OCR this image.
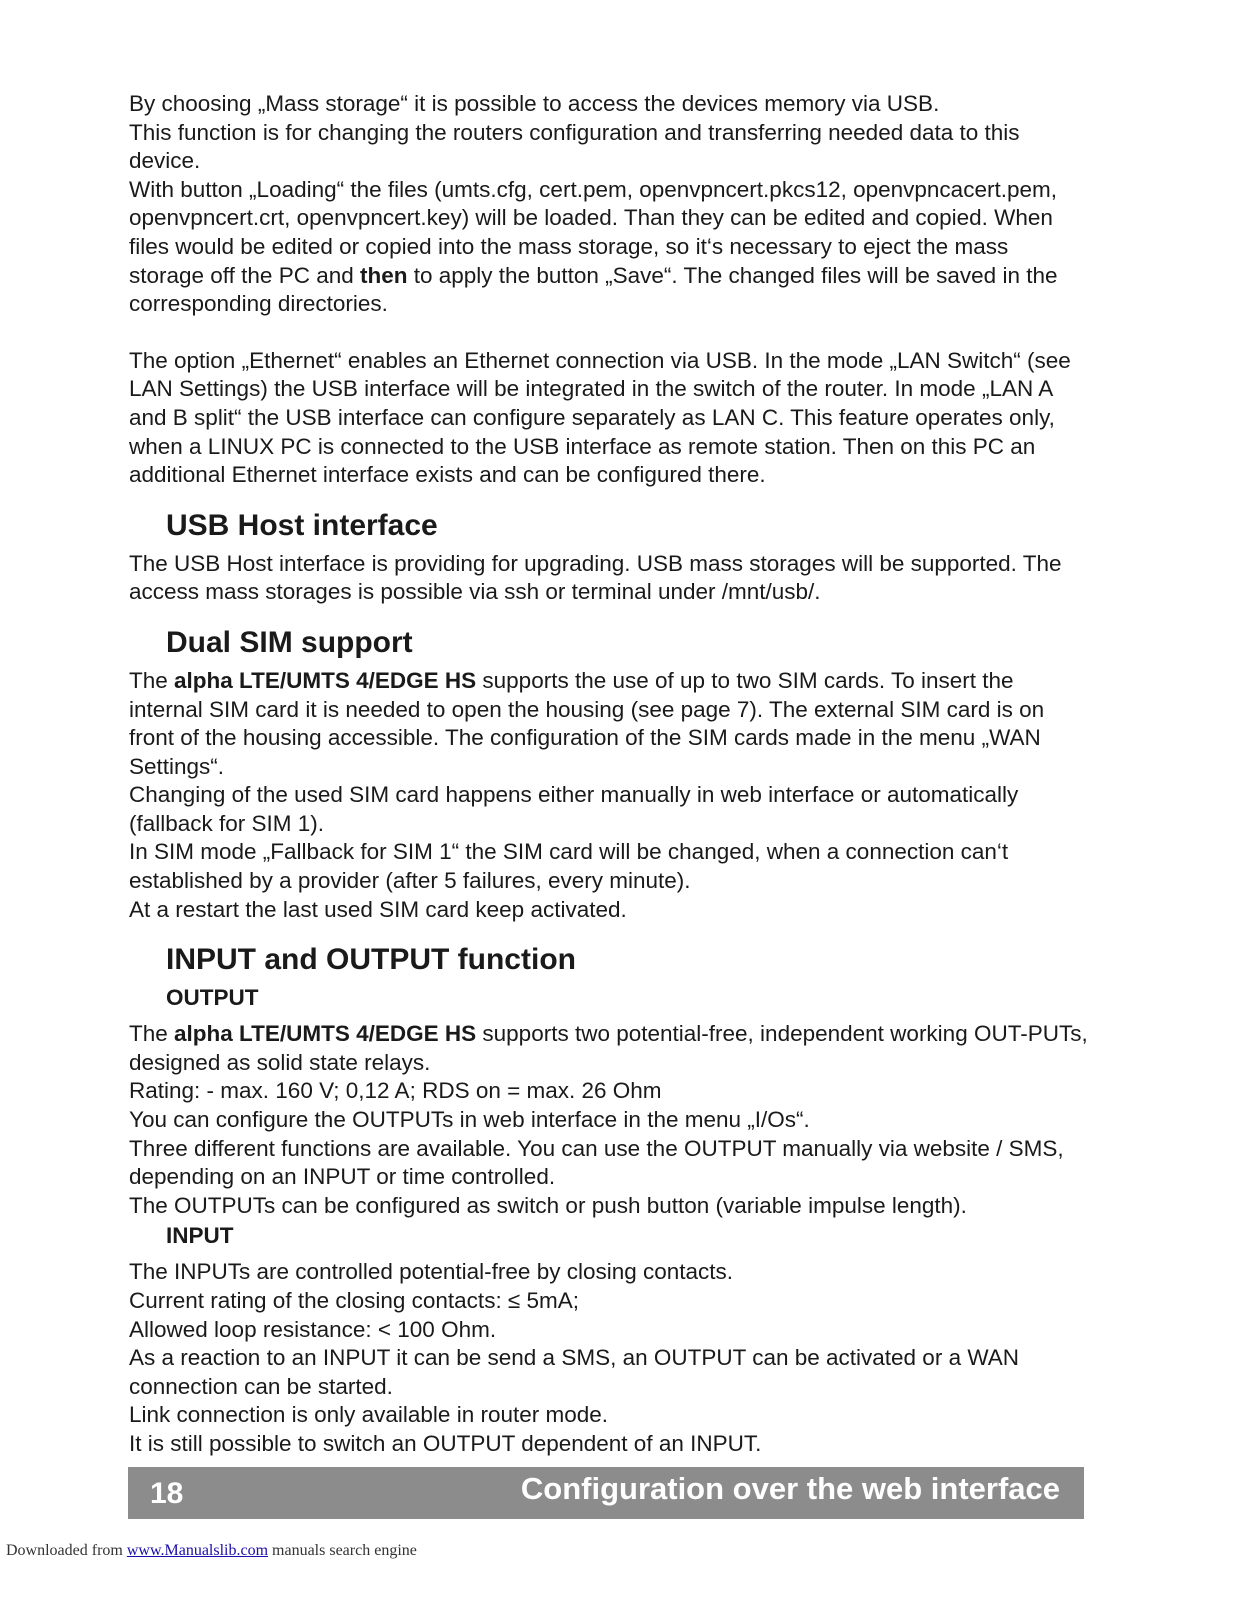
By choosing „Mass storage“ it is possible to access the devices memory via USB.

This function is for changing the routers configuration and transferring needed data to this device.

With button „Loading“ the files (umts.cfg, cert.pem, openvpncert.pkcs12, openvpncacert.pem, openvpncert.crt, openvpncert.key) will be loaded. Than they can be edited and copied. When files would be edited or copied into the mass storage, so it‘s necessary to eject the mass storage off the PC and then to apply the button „Save“. The changed files will be saved in the corresponding directories.

The option „Ethernet“ enables an Ethernet connection via USB. In the mode „LAN Switch“ (see LAN Settings) the USB interface will be integrated in the switch of the router. In mode „LAN A and B split“ the USB interface can configure separately as LAN C. This feature operates only, when a LINUX PC is connected to the USB interface as remote station. Then on this PC an additional Ethernet interface exists and can be configured there.

USB Host interface

The USB Host interface is providing for upgrading. USB mass storages will be supported. The access mass storages is possible via ssh or terminal under /mnt/usb/.

Dual SIM support

The alpha LTE/UMTS 4/EDGE HS supports the use of up to two SIM cards. To insert the internal SIM card it is needed to open the housing (see page 7). The external SIM card is on front of the housing accessible. The configuration of the SIM cards made in the menu „WAN Settings“.

Changing of the used SIM card happens either manually in web interface or automatically (fallback for SIM 1).

In SIM mode „Fallback for SIM 1“ the SIM card will be changed, when a connection can‘t established by a provider (after 5 failures, every minute).

At a restart the last used SIM card keep activated.

INPUT and OUTPUT function
OUTPUT

The alpha LTE/UMTS 4/EDGE HS supports two potential-free, independent working OUT-PUTs, designed as solid state relays.

Rating: - max. 160 V; 0,12 A; RDS on = max. 26 Ohm

You can configure the OUTPUTs in web interface in the menu „I/Os“.

Three different functions are available. You can use the OUTPUT manually via website / SMS, depending on an INPUT or time controlled.

The OUTPUTs can be configured as switch or push button (variable impulse length).

INPUT

The INPUTs are controlled potential-free by closing contacts.

Current rating of the closing contacts: ≤ 5mA;

Allowed loop resistance: < 100 Ohm.

As a reaction to an INPUT it can be send a SMS, an OUTPUT can be activated or a WAN connection can be started.

Link connection is only available in router mode.

It is still possible to switch an OUTPUT dependent of an INPUT.

18	Configuration over the web interface
Downloaded from www.Manualslib.com manuals search engine
